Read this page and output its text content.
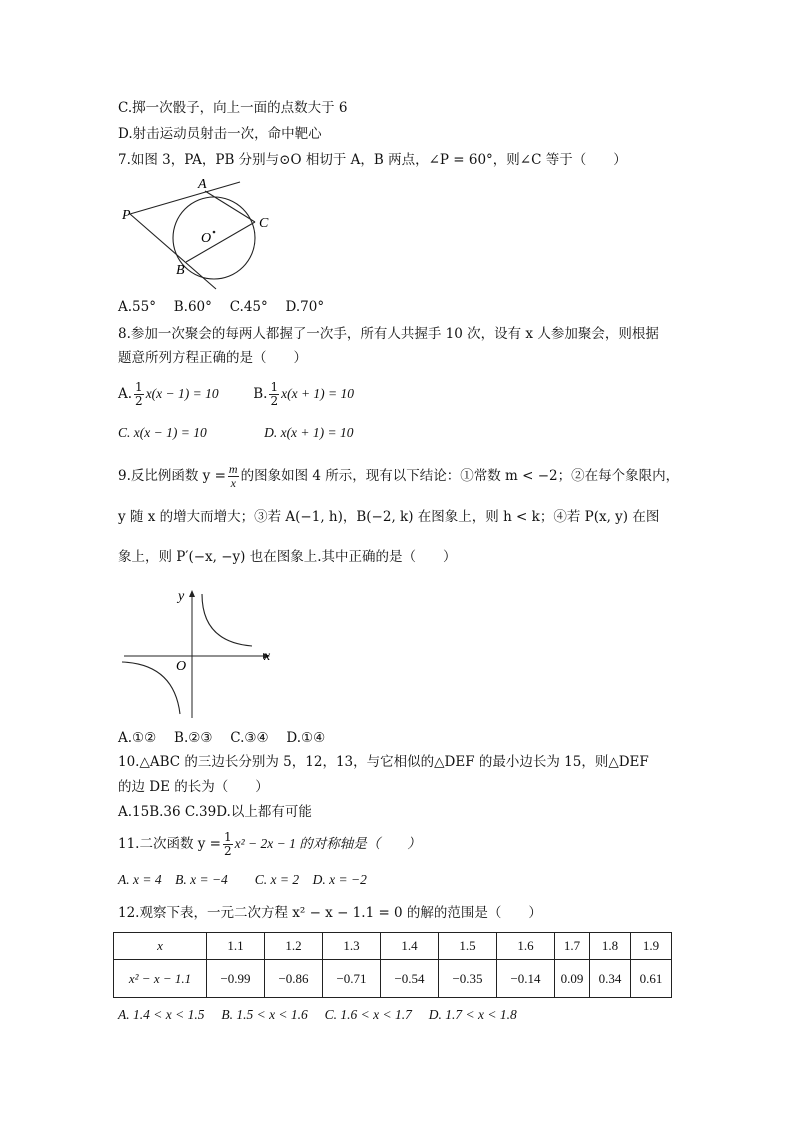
C.掷一次骰子，向上一面的点数大于 6
D.射击运动员射击一次，命中靶心
7.如图 3，PA，PB 分别与⊙O 相切于 A，B 两点，∠P = 60°，则∠C 等于（　　）
P
A
B
C
O
A.55°　 B.60°　 C.45°　 D.70°
8.参加一次聚会的每两人都握了一次手，所有人共握手 10 次，设有 x 人参加聚会，则根据
题意所列方程正确的是（　　）
A. $\frac{1}{2} x(x - 1) = 10$	B. $\frac{1}{2} x(x + 1) = 10$
C. x(x − 1) = 10　　　　 D. x(x + 1) = 10
9.反比例函数 $y = \frac{m}{x}$ 的图象如图 4 所示，现有以下结论：①常数 m < −2；②在每个象限内，
y 随 x 的增大而增大；③若 A(−1, h)，B(−2, k) 在图象上，则 h < k；④若 P(x, y) 在图
象上，则 P′(−x, −y) 也在图象上.其中正确的是（　　）
y
x
O
A.①②　 B.②③　 C.③④　 D.①④
10.△ABC 的三边长分别为 5，12，13，与它相似的△DEF 的最小边长为 15，则△DEF
的边 DE 的长为（　　）
A.15B.36 C.39D.以上都有可能
11.二次函数 $y = \frac{1}{2} x^2 - 2x - 1$ 的对称轴是（　　）
A. x = 4　B. x = −4　　C. x = 2　D. x = −2
12.观察下表，一元二次方程 x² − x − 1.1 = 0 的解的范围是（　　）
x	1.1	1.2	1.3	1.4	1.5	1.6	1.7	1.8	1.9
x² − x − 1.1	−0.99	−0.86	−0.71	−0.54	−0.35	−0.14	0.09	0.34	0.61
A. 1.4 < x < 1.5　 B. 1.5 < x < 1.6　 C. 1.6 < x < 1.7　 D. 1.7 < x < 1.8
